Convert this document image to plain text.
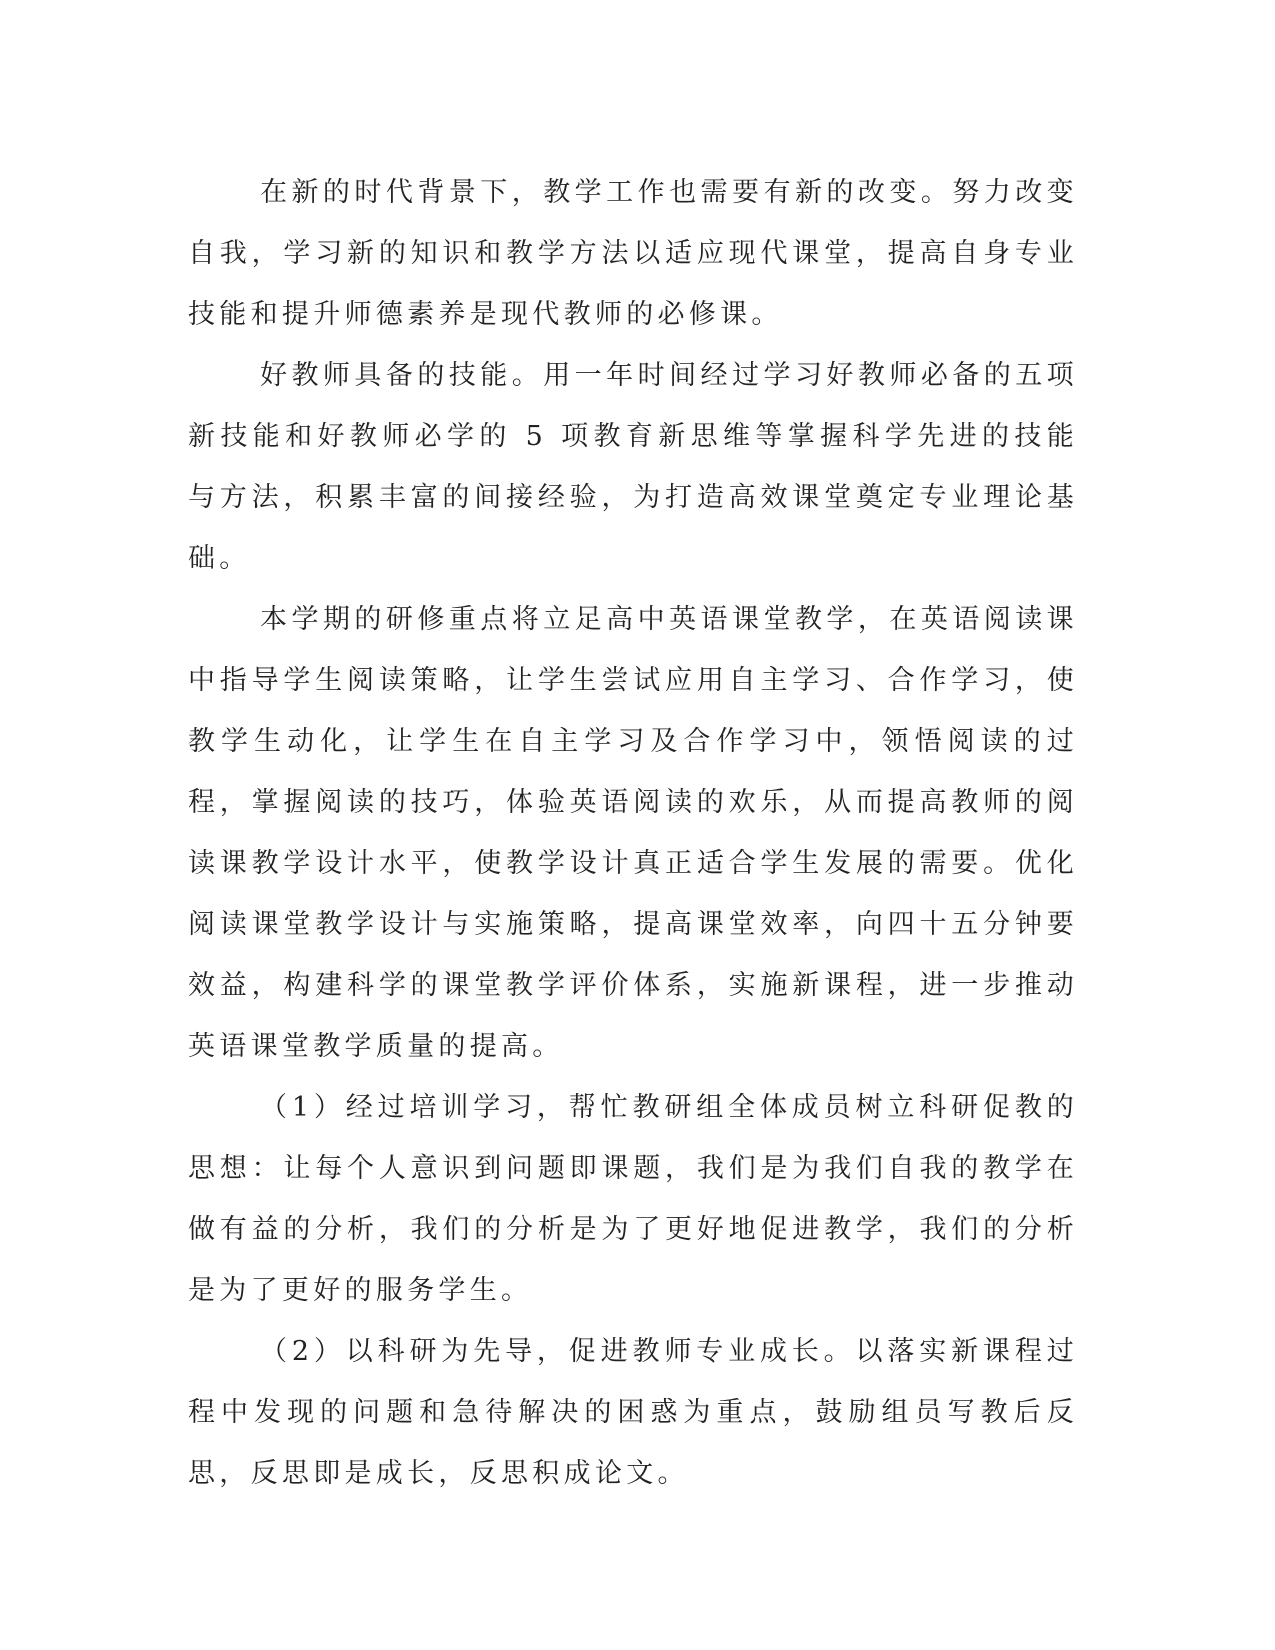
在新的时代背景下，教学工作也需要有新的改变。努力改变自我，学习新的知识和教学方法以适应现代课堂，提高自身专业技能和提升师德素养是现代教师的必修课。

好教师具备的技能。用一年时间经过学习好教师必备的五项新技能和好教师必学的 5 项教育新思维等掌握科学先进的技能与方法，积累丰富的间接经验，为打造高效课堂奠定专业理论基础。

本学期的研修重点将立足高中英语课堂教学，在英语阅读课中指导学生阅读策略，让学生尝试应用自主学习、合作学习，使教学生动化，让学生在自主学习及合作学习中，领悟阅读的过程，掌握阅读的技巧，体验英语阅读的欢乐，从而提高教师的阅读课教学设计水平，使教学设计真正适合学生发展的需要。优化阅读课堂教学设计与实施策略，提高课堂效率，向四十五分钟要效益，构建科学的课堂教学评价体系，实施新课程，进一步推动英语课堂教学质量的提高。

（1）经过培训学习，帮忙教研组全体成员树立科研促教的思想：让每个人意识到问题即课题，我们是为我们自我的教学在做有益的分析，我们的分析是为了更好地促进教学，我们的分析是为了更好的服务学生。

（2）以科研为先导，促进教师专业成长。以落实新课程过程中发现的问题和急待解决的困惑为重点，鼓励组员写教后反思，反思即是成长，反思积成论文。
